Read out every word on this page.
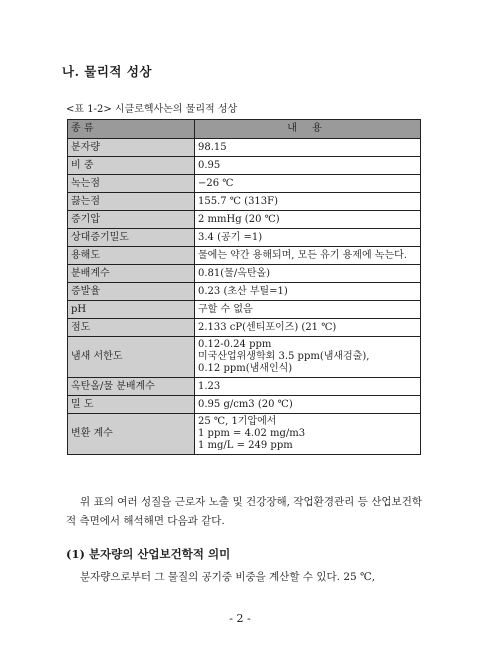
나. 물리적 성상
<표 1-2> 시클로헥사논의 물리적 성상
종 류	내 용
분자량	98.15

비 중	0.95

녹는점	−26 ℃

끓는점	155.7 ℃ (313F)

증기압	2 mmHg (20 ℃)

상대증기밀도	3.4 (공기 =1)

용해도	물에는 약간 용해되며, 모든 유기 용제에 녹는다.

분배계수	0.81(물/옥탄올)

증발율	0.23 (초산 부틸=1)

pH	구할 수 없음

점도	2.133 cP(센티포이즈) (21 ℃)

냄새 서한도	0.12-0.24 ppm
미국산업위생학회 3.5 ppm(냄새검출),
0.12 ppm(냄새인식)

옥탄올/물 분배계수	1.23

밀 도	0.95 g/cm3 (20 ℃)

변환 계수	25 ℃, 1기압에서
1 ppm = 4.02 mg/m3
1 mg/L = 249 ppm
위 표의 여러 성질을 근로자 노출 및 건강장해, 작업환경관리 등 산업보건학적 측면에서 해석해면 다음과 같다.
(1) 분자량의 산업보건학적 의미
분자량으로부터 그 물질의 공기중 비중을 계산할 수 있다. 25 ℃,
- 2 -
